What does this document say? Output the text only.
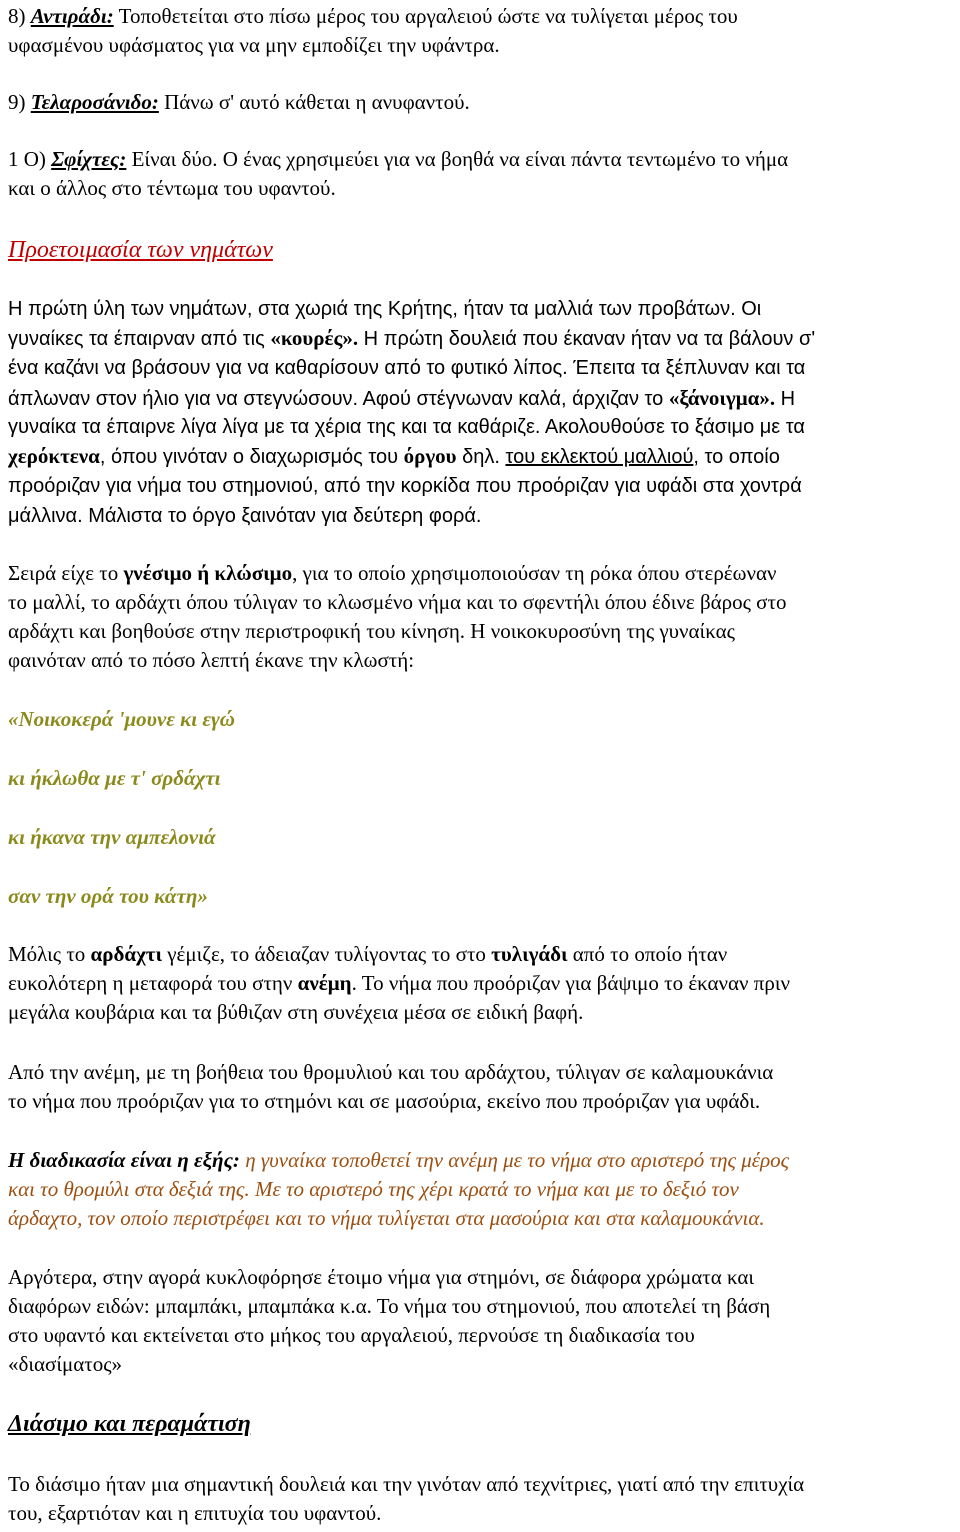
8) Αντιράδι: Τοποθετείται στο πίσω μέρος του αργαλειού ώστε να τυλίγεται μέρος του
υφασμένου υφάσματος για να μην εμποδίζει την υφάντρα.
9) Τελαροσάνιδο: Πάνω σ' αυτό κάθεται η ανυφαντού.
1 Ο) Σφίχτες: Είναι δύο. Ο ένας χρησιμεύει για να βοηθά να είναι πάντα τεντωμένο το νήμα
και ο άλλος στο τέντωμα του υφαντού.
Προετοιμασία των νημάτων
Η πρώτη ύλη των νημάτων, στα χωριά της Κρήτης, ήταν τα μαλλιά των προβάτων. Οι
γυναίκες τα έπαιρναν από τις «κουρές». Η πρώτη δουλειά που έκαναν ήταν να τα βάλουν σ'
ένα καζάνι να βράσουν για να καθαρίσουν από το φυτικό λίπος. Έπειτα τα ξέπλυναν και τα
άπλωναν στον ήλιο για να στεγνώσουν. Αφού στέγνωναν καλά, άρχιζαν το «ξάνοιγμα». Η
γυναίκα τα έπαιρνε λίγα λίγα με τα χέρια της και τα καθάριζε. Ακολουθούσε το ξάσιμο με τα
χερόκτενα, όπου γινόταν ο διαχωρισμός του όργου δηλ. του εκλεκτού μαλλιού, το οποίο
προόριζαν για νήμα του στημονιού, από την κορκίδα που προόριζαν για υφάδι στα χοντρά
μάλλινα. Μάλιστα το όργο ξαινόταν για δεύτερη φορά.
Σειρά είχε το γνέσιμο ή κλώσιμο, για το οποίο χρησιμοποιούσαν τη ρόκα όπου στερέωναν
το μαλλί, το αρδάχτι όπου τύλιγαν το κλωσμένο νήμα και το σφεντήλι όπου έδινε βάρος στο
αρδάχτι και βοηθούσε στην περιστροφική του κίνηση. Η νοικοκυροσύνη της γυναίκας
φαινόταν από το πόσο λεπτή έκανε την κλωστή:
«Νοικοκερά 'μουνε κι εγώ
κι ήκλωθα με τ' σρδάχτι
κι ήκανα την αμπελονιά
σαν την ορά του κάτη»
Μόλις το αρδάχτι γέμιζε, το άδειαζαν τυλίγοντας το στο τυλιγάδι από το οποίο ήταν
ευκολότερη η μεταφορά του στην ανέμη. Το νήμα που προόριζαν για βάψιμο το έκαναν πριν
μεγάλα κουβάρια και τα βύθιζαν στη συνέχεια μέσα σε ειδική βαφή.
Από την ανέμη, με τη βοήθεια του θρομυλιού και του αρδάχτου, τύλιγαν σε καλαμουκάνια
το νήμα που προόριζαν για το στημόνι και σε μασούρια, εκείνο που προόριζαν για υφάδι.
Η διαδικασία είναι η εξής: η γυναίκα τοποθετεί την ανέμη με το νήμα στο αριστερό της μέρος
και το θρομύλι στα δεξιά της. Με το αριστερό της χέρι κρατά το νήμα και με το δεξιό τον
άρδαχτο, τον οποίο περιστρέφει και το νήμα τυλίγεται στα μασούρια και στα καλαμουκάνια.
Αργότερα, στην αγορά κυκλοφόρησε έτοιμο νήμα για στημόνι, σε διάφορα χρώματα και
διαφόρων ειδών: μπαμπάκι, μπαμπάκα κ.α. Το νήμα του στημονιού, που αποτελεί τη βάση
στο υφαντό και εκτείνεται στο μήκος του αργαλειού, περνούσε τη διαδικασία του
«διασίματος»
Διάσιμο και περαμάτιση
Το διάσιμο ήταν μια σημαντική δουλειά και την γινόταν από τεχνίτριες, γιατί από την επιτυχία
του, εξαρτιόταν και η επιτυχία του υφαντού.
